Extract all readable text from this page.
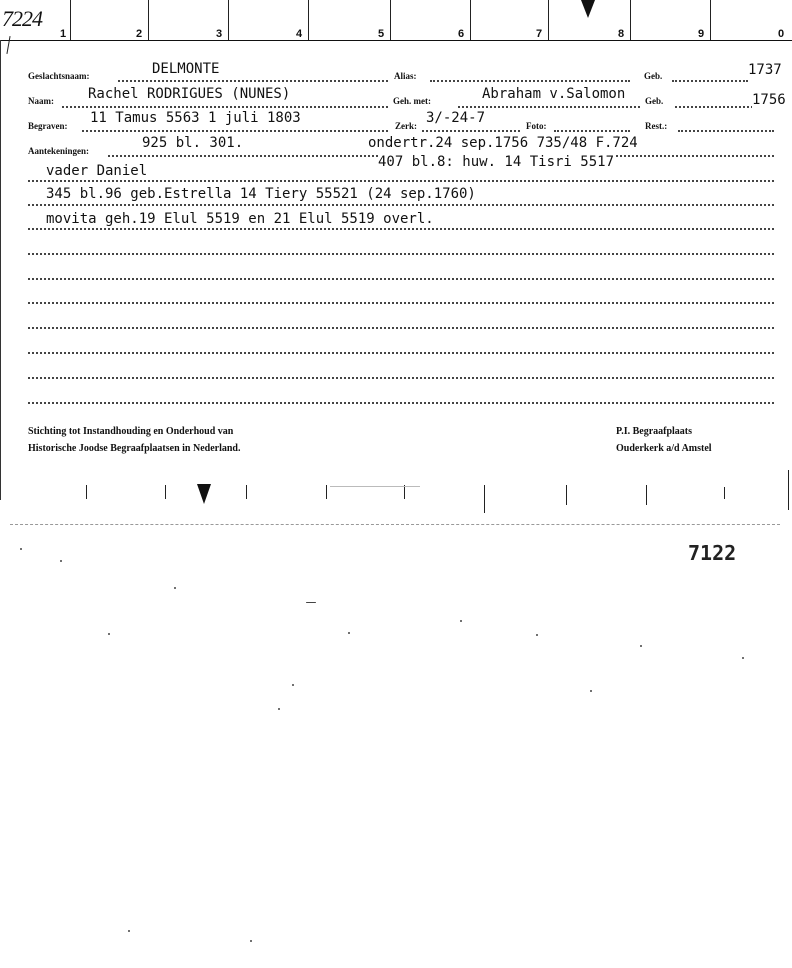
1	2	3	4	5	6	7	8	9	0
7224
Geslachtsnaam:	DELMONTE	Alias:	Geb.	1737
Naam: Rachel RODRIGUES (NUNES)	Geh. met:	Abraham v.Salomon Geb.	1756
Begraven: 11 Tamus 5563 1 juli 1803	Zerk: 3/-24-7	Foto:	Rest.:
Aantekeningen:	925 bl. 301.	ondertr.24 sep.1756 735/48 F.724
407 bl.8: huw. 14 Tisri 5517
vader Daniel
345 bl.96 geb.Estrella 14 Tiery 55521 (24 sep.1760)
movita geh.19 Elul 5519 en 21 Elul 5519 overl.
Stichting tot Instandhouding en Onderhoud van
Historische Joodse Begraafplaatsen in Nederland.
P.I. Begraafplaats
Ouderkerk a/d Amstel
7122
